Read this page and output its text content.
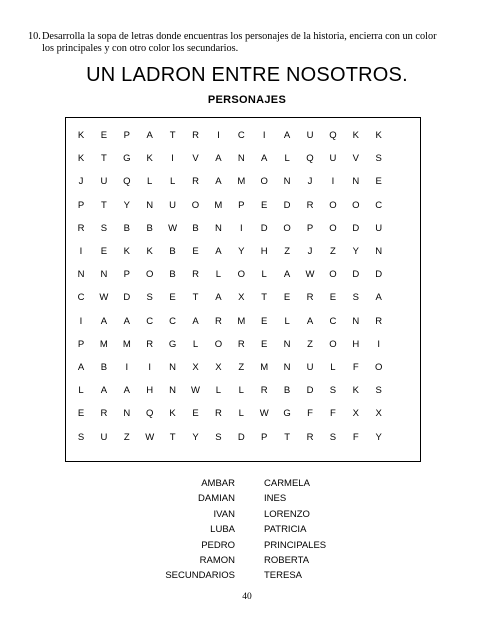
10. Desarrolla la sopa de letras donde encuentras los personajes de la historia, encierra con un color los principales y con otro color los secundarios.
UN LADRON ENTRE NOSOTROS.
PERSONAJES
K	E	P	A	T	R	I	C	I	A	U	Q	K	K
K	T	G	K	I	V	A	N	A	L	Q	U	V	S
J	U	Q	L	L	R	A	M	O	N	J	I	N	E
P	T	Y	N	U	O	M	P	E	D	R	O	O	C
R	S	B	B	W	B	N	I	D	O	P	O	D	U
I	E	K	K	B	E	A	Y	H	Z	J	Z	Y	N
N	N	P	O	B	R	L	O	L	A	W	O	D	D
C	W	D	S	E	T	A	X	T	E	R	E	S	A
I	A	A	C	C	A	R	M	E	L	A	C	N	R
P	M	M	R	G	L	O	R	E	N	Z	O	H	I
A	B	I	I	N	X	X	Z	M	N	U	L	F	O
L	A	A	H	N	W	L	L	R	B	D	S	K	S
E	R	N	Q	K	E	R	L	W	G	F	F	X	X
S	U	Z	W	T	Y	S	D	P	T	R	S	F	Y
AMBAR
DAMIAN
IVAN
LUBA
PEDRO
RAMON
SECUNDARIOS
CARMELA
INES
LORENZO
PATRICIA
PRINCIPALES
ROBERTA
TERESA
40
